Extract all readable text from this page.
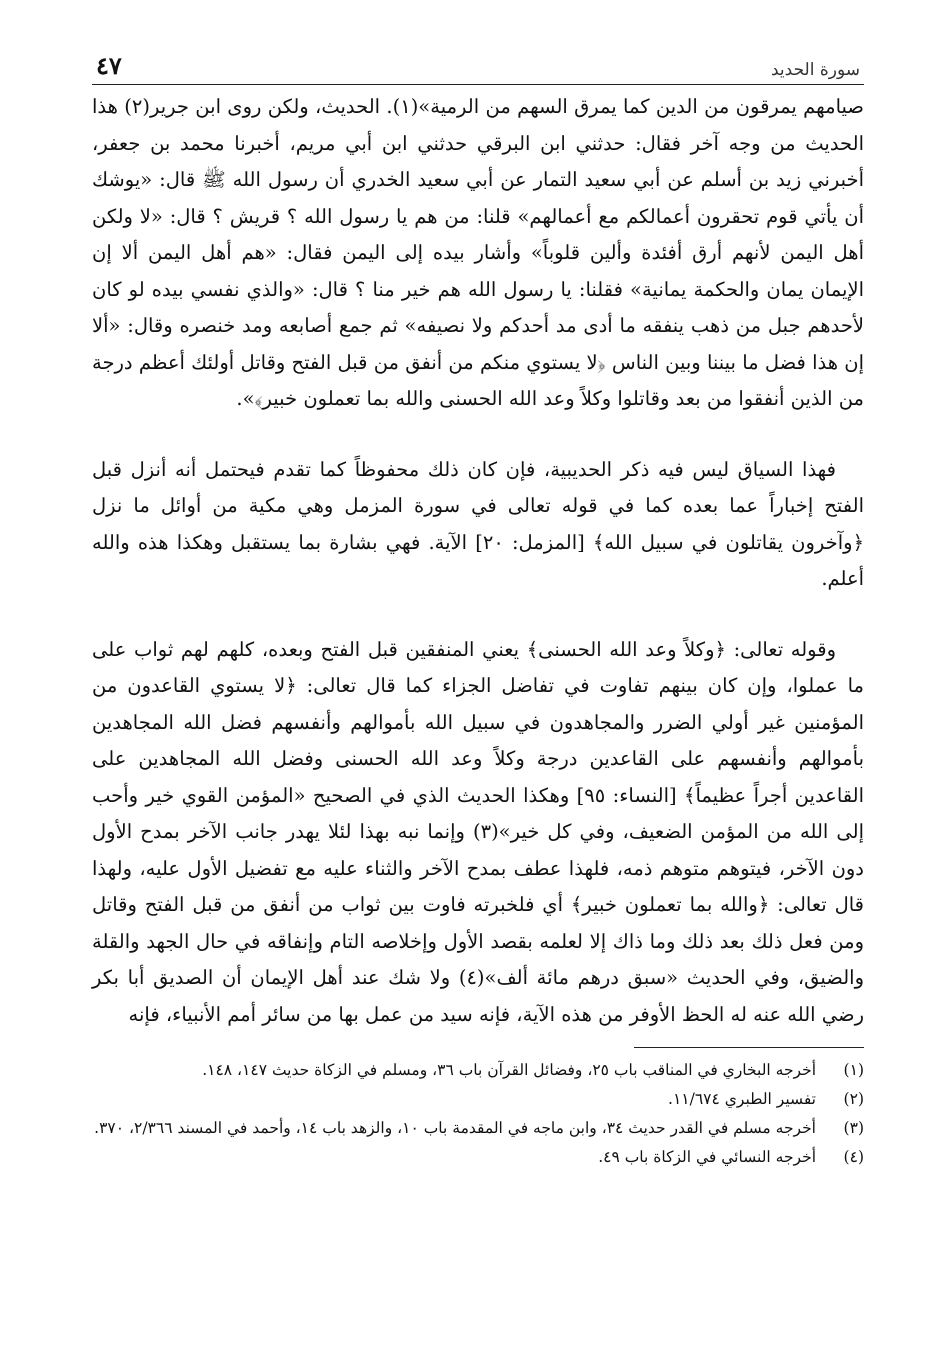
سورة الحديد
٤٧

صيامهم يمرقون من الدين كما يمرق السهم من الرمية»(١). الحديث، ولكن روى ابن جرير(٢) هذا الحديث من وجه آخر فقال: حدثني ابن البرقي حدثني ابن أبي مريم، أخبرنا محمد بن جعفر، أخبرني زيد بن أسلم عن أبي سعيد التمار عن أبي سعيد الخدري أن رسول الله ﷺ قال: «يوشك أن يأتي قوم تحقرون أعمالكم مع أعمالهم» قلنا: من هم يا رسول الله ؟ قريش ؟ قال: «لا ولكن أهل اليمن لأنهم أرق أفئدة وألين قلوباً» وأشار بيده إلى اليمن فقال: «هم أهل اليمن ألا إن الإيمان يمان والحكمة يمانية» فقلنا: يا رسول الله هم خير منا ؟ قال: «والذي نفسي بيده لو كان لأحدهم جبل من ذهب ينفقه ما أدى مد أحدكم ولا نصيفه» ثم جمع أصابعه ومد خنصره وقال: «ألا إن هذا فضل ما بيننا وبين الناس ﴿لا يستوي منكم من أنفق من قبل الفتح وقاتل أولئك أعظم درجة من الذين أنفقوا من بعد وقاتلوا وكلاً وعد الله الحسنى والله بما تعملون خبير﴾».

فهذا السياق ليس فيه ذكر الحديبية، فإن كان ذلك محفوظاً كما تقدم فيحتمل أنه أنزل قبل الفتح إخباراً عما بعده كما في قوله تعالى في سورة المزمل وهي مكية من أوائل ما نزل ﴿وآخرون يقاتلون في سبيل الله﴾ [المزمل: ٢٠] الآية. فهي بشارة بما يستقبل وهكذا هذه والله أعلم.

وقوله تعالى: ﴿وكلاً وعد الله الحسنى﴾ يعني المنفقين قبل الفتح وبعده، كلهم لهم ثواب على ما عملوا، وإن كان بينهم تفاوت في تفاضل الجزاء كما قال تعالى: ﴿لا يستوي القاعدون من المؤمنين غير أولي الضرر والمجاهدون في سبيل الله بأموالهم وأنفسهم فضل الله المجاهدين بأموالهم وأنفسهم على القاعدين درجة وكلاً وعد الله الحسنى وفضل الله المجاهدين على القاعدين أجراً عظيماً﴾ [النساء: ٩٥] وهكذا الحديث الذي في الصحيح «المؤمن القوي خير وأحب إلى الله من المؤمن الضعيف، وفي كل خير»(٣) وإنما نبه بهذا لئلا يهدر جانب الآخر بمدح الأول دون الآخر، فيتوهم متوهم ذمه، فلهذا عطف بمدح الآخر والثناء عليه مع تفضيل الأول عليه، ولهذا قال تعالى: ﴿والله بما تعملون خبير﴾ أي فلخبرته فاوت بين ثواب من أنفق من قبل الفتح وقاتل ومن فعل ذلك بعد ذلك وما ذاك إلا لعلمه بقصد الأول وإخلاصه التام وإنفاقه في حال الجهد والقلة والضيق، وفي الحديث «سبق درهم مائة ألف»(٤) ولا شك عند أهل الإيمان أن الصديق أبا بكر رضي الله عنه له الحظ الأوفر من هذه الآية، فإنه سيد من عمل بها من سائر أمم الأنبياء، فإنه

(١)
أخرجه البخاري في المناقب باب ٢٥، وفضائل القرآن باب ٣٦، ومسلم في الزكاة حديث ١٤٧، ١٤٨.
(٢)
تفسير الطبري ١١/٦٧٤.
(٣)
أخرجه مسلم في القدر حديث ٣٤، وابن ماجه في المقدمة باب ١٠، والزهد باب ١٤، وأحمد في المسند ٢/٣٦٦، ٣٧٠.
(٤)
أخرجه النسائي في الزكاة باب ٤٩.
